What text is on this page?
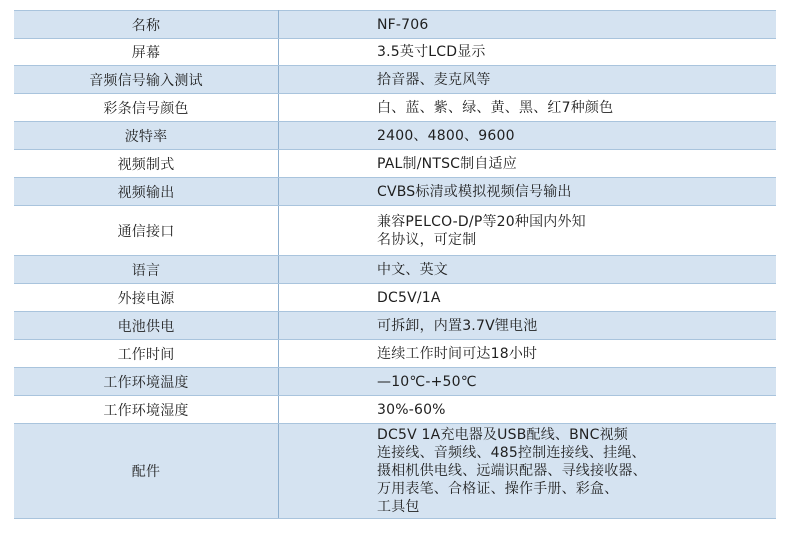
名称	NF-706

屏幕	3.5英寸LCD显示

音频信号输入测试	拾音器、麦克风等

彩条信号颜色	白、蓝、紫、绿、黄、黑、红7种颜色

波特率	2400、4800、9600

视频制式	PAL制/NTSC制自适应

视频输出	CVBS标清或模拟视频信号输出

通信接口	兼容PELCO-D/P等20种国内外知
名协议，可定制

语言	中文、英文

外接电源	DC5V/1A

电池供电	可拆卸，内置3.7V锂电池

工作时间	连续工作时间可达18小时

工作环境温度	—10℃-+50℃

工作环境湿度	30%-60%

配件	DC5V 1A充电器及USB配线、BNC视频
连接线、音频线、485控制连接线、挂绳、
摄相机供电线、远端识配器、寻线接收器、
万用表笔、合格证、操作手册、彩盒、
工具包
